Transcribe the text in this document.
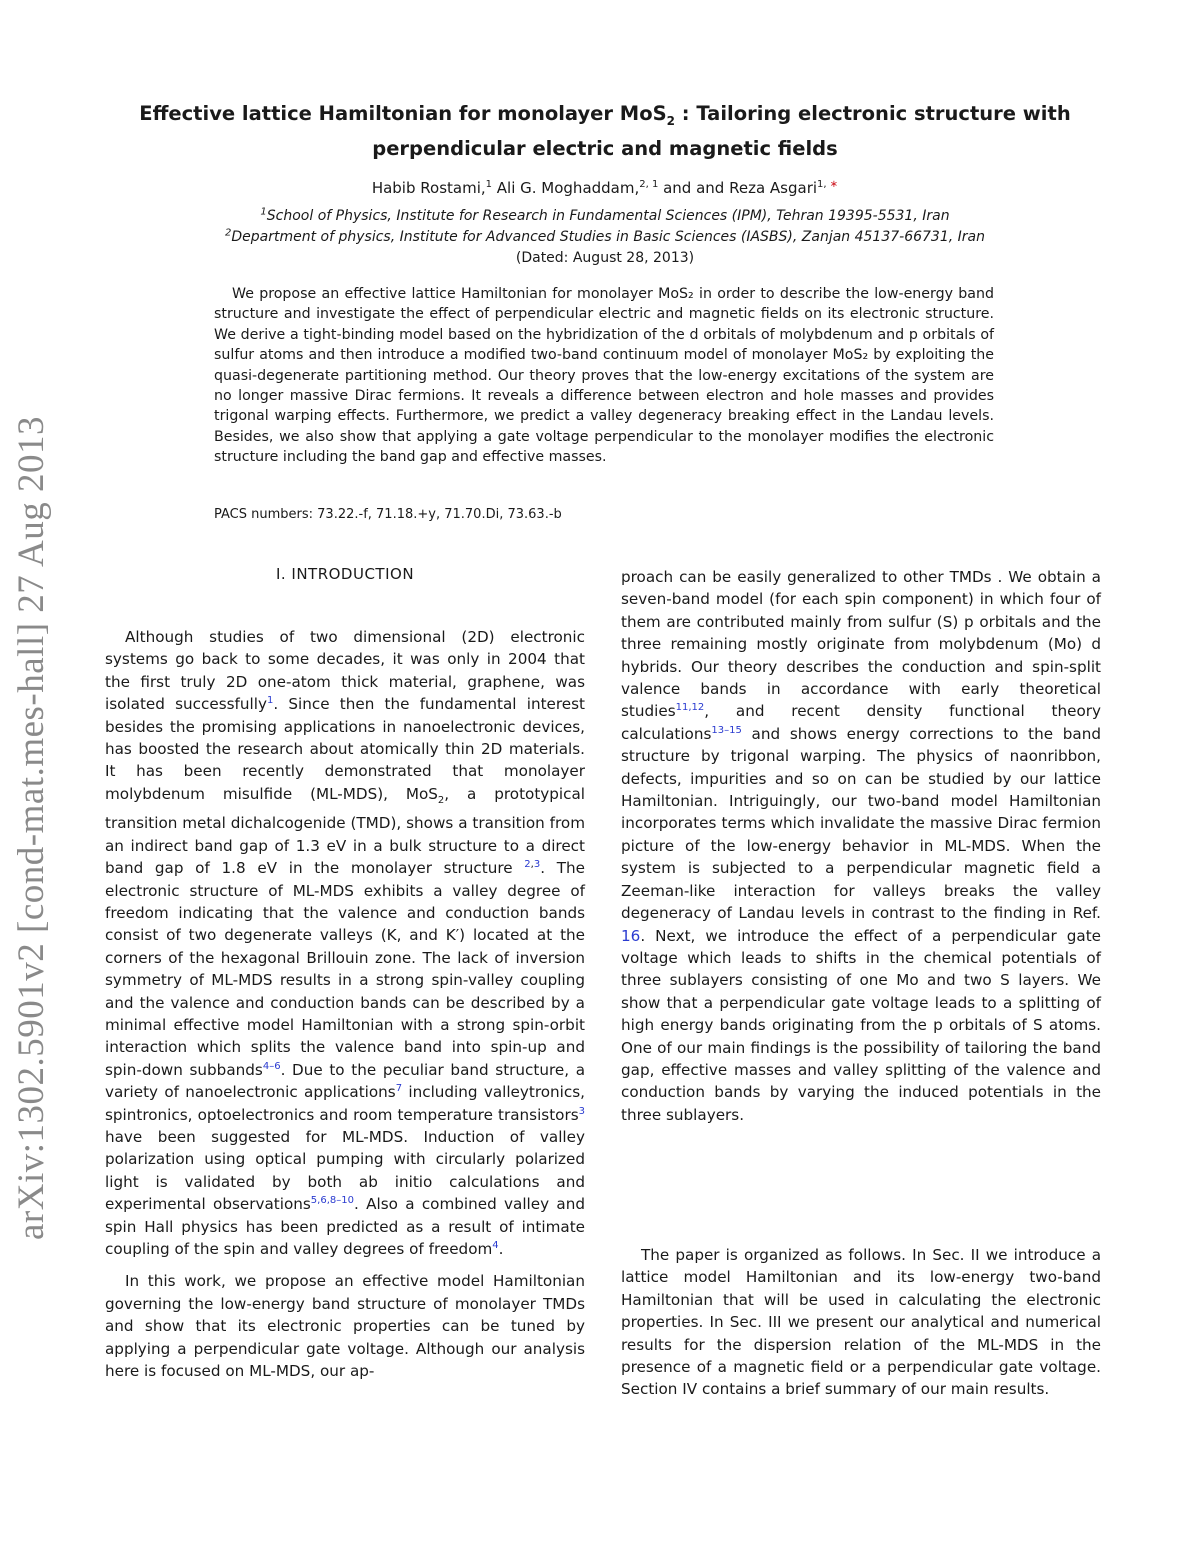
arXiv:1302.5901v2 [cond-mat.mes-hall] 27 Aug 2013
Effective lattice Hamiltonian for monolayer MoS$_2$ : Tailoring electronic structure with
perpendicular electric and magnetic fields
Habib Rostami,$^1$ Ali G. Moghaddam,$^{2, 1}$ and and Reza Asgari$^{1,}$ ∗
$^1$School of Physics, Institute for Research in Fundamental Sciences (IPM), Tehran 19395-5531, Iran
$^2$Department of physics, Institute for Advanced Studies in Basic Sciences (IASBS), Zanjan 45137-66731, Iran
(Dated: August 28, 2013)
We propose an effective lattice Hamiltonian for monolayer MoS₂ in order to describe the low-energy band structure and investigate the effect of perpendicular electric and magnetic fields on its electronic structure. We derive a tight-binding model based on the hybridization of the d orbitals of molybdenum and p orbitals of sulfur atoms and then introduce a modified two-band continuum model of monolayer MoS₂ by exploiting the quasi-degenerate partitioning method. Our theory proves that the low-energy excitations of the system are no longer massive Dirac fermions. It reveals a difference between electron and hole masses and provides trigonal warping effects. Furthermore, we predict a valley degeneracy breaking effect in the Landau levels. Besides, we also show that applying a gate voltage perpendicular to the monolayer modifies the electronic structure including the band gap and effective masses.
PACS numbers: 73.22.-f, 71.18.+y, 71.70.Di, 73.63.-b
I. INTRODUCTION

Although studies of two dimensional (2D) electronic systems go back to some decades, it was only in 2004 that the first truly 2D one-atom thick material, graphene, was isolated successfully$^1$. Since then the fundamental interest besides the promising applications in nanoelectronic devices, has boosted the research about atomically thin 2D materials. It has been recently demonstrated that monolayer molybdenum misulfide (ML-MDS), MoS$_2$, a prototypical transition metal dichalcogenide (TMD), shows a transition from an indirect band gap of 1.3 eV in a bulk structure to a direct band gap of 1.8 eV in the monolayer structure $^{2,3}$. The electronic structure of ML-MDS exhibits a valley degree of freedom indicating that the valence and conduction bands consist of two degenerate valleys (K, and K′) located at the corners of the hexagonal Brillouin zone. The lack of inversion symmetry of ML-MDS results in a strong spin-valley coupling and the valence and conduction bands can be described by a minimal effective model Hamiltonian with a strong spin-orbit interaction which splits the valence band into spin-up and spin-down subbands$^{4-6}$. Due to the peculiar band structure, a variety of nanoelectronic applications$^7$ including valleytronics, spintronics, optoelectronics and room temperature transistors$^3$ have been suggested for ML-MDS. Induction of valley polarization using optical pumping with circularly polarized light is validated by both ab initio calculations and experimental observations$^{5,6,8-10}$. Also a combined valley and spin Hall physics has been predicted as a result of intimate coupling of the spin and valley degrees of freedom$^4$.

In this work, we propose an effective model Hamiltonian governing the low-energy band structure of monolayer TMDs and show that its electronic properties can be tuned by applying a perpendicular gate voltage. Although our analysis here is focused on ML-MDS, our ap-

proach can be easily generalized to other TMDs . We obtain a seven-band model (for each spin component) in which four of them are contributed mainly from sulfur (S) p orbitals and the three remaining mostly originate from molybdenum (Mo) d hybrids. Our theory describes the conduction and spin-split valence bands in accordance with early theoretical studies$^{11,12}$, and recent density functional theory calculations$^{13-15}$ and shows energy corrections to the band structure by trigonal warping. The physics of naonribbon, defects, impurities and so on can be studied by our lattice Hamiltonian. Intriguingly, our two-band model Hamiltonian incorporates terms which invalidate the massive Dirac fermion picture of the low-energy behavior in ML-MDS. When the system is subjected to a perpendicular magnetic field a Zeeman-like interaction for valleys breaks the valley degeneracy of Landau levels in contrast to the finding in Ref. 16. Next, we introduce the effect of a perpendicular gate voltage which leads to shifts in the chemical potentials of three sublayers consisting of one Mo and two S layers. We show that a perpendicular gate voltage leads to a splitting of high energy bands originating from the p orbitals of S atoms. One of our main findings is the possibility of tailoring the band gap, effective masses and valley splitting of the valence and conduction bands by varying the induced potentials in the three sublayers.

The paper is organized as follows. In Sec. II we introduce a lattice model Hamiltonian and its low-energy two-band Hamiltonian that will be used in calculating the electronic properties. In Sec. III we present our analytical and numerical results for the dispersion relation of the ML-MDS in the presence of a magnetic field or a perpendicular gate voltage. Section IV contains a brief summary of our main results.
